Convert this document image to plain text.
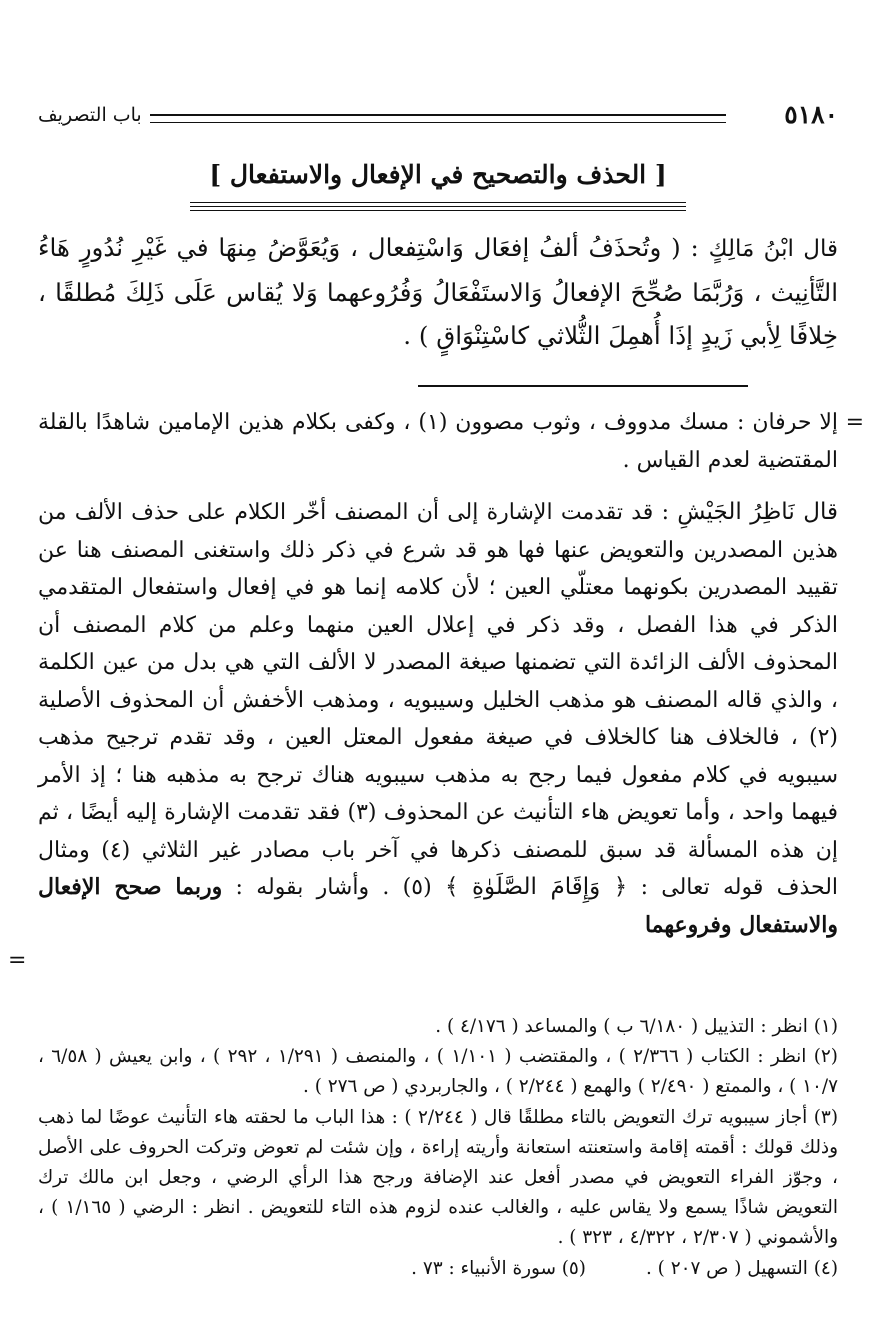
٥١٨٠
باب التصريف
[ الحذف والتصحيح في الإفعال والاستفعال ]
قال ابْنُ مَالِكٍ : ( وتُحذَفُ ألفُ إفعَال وَاسْتِفعال ، وَيُعَوَّضُ مِنهَا في غَيْرِ نُدُورٍ هَاءُ التَّأنِيث ، وَرُبَّمَا صُحِّحَ الإفعالُ وَالاستَفْعَالُ وَفُرُوعهما وَلا يُقاس عَلَى ذَلِكَ مُطلقًا ، خِلافًا لِأبي زَيدٍ إذَا أُهمِلَ الثُّلاثي كاسْتِنْوَاقٍ ) .
=

إلا حرفان : مسك مدووف ، وثوب مصوون (١) ، وكفى بكلام هذين الإمامين شاهدًا بالقلة المقتضية لعدم القياس .

قال نَاظِرُ الجَيْشِ : قد تقدمت الإشارة إلى أن المصنف أخّر الكلام على حذف الألف من هذين المصدرين والتعويض عنها فها هو قد شرع في ذكر ذلك واستغنى المصنف هنا عن تقييد المصدرين بكونهما معتلّي العين ؛ لأن كلامه إنما هو في إفعال واستفعال المتقدمي الذكر في هذا الفصل ، وقد ذكر في إعلال العين منهما وعلم من كلام المصنف أن المحذوف الألف الزائدة التي تضمنها صيغة المصدر لا الألف التي هي بدل من عين الكلمة ، والذي قاله المصنف هو مذهب الخليل وسيبويه ، ومذهب الأخفش أن المحذوف الأصلية (٢) ، فالخلاف هنا كالخلاف في صيغة مفعول المعتل العين ، وقد تقدم ترجيح مذهب سيبويه في كلام مفعول فيما رجح به مذهب سيبويه هناك ترجح به مذهبه هنا ؛ إذ الأمر فيهما واحد ، وأما تعويض هاء التأنيث عن المحذوف (٣) فقد تقدمت الإشارة إليه أيضًا ، ثم إن هذه المسألة قد سبق للمصنف ذكرها في آخر باب مصادر غير الثلاثي (٤) ومثال الحذف قوله تعالى : ﴿ وَإِقَامَ الصَّلَوٰةِ ﴾ (٥) . وأشار بقوله : وربما صحح الإفعال والاستفعال وفروعهما

=

(١) انظر : التذييل ( ٦/١٨٠ ب ) والمساعد ( ٤/١٧٦ ) .

(٢) انظر : الكتاب ( ٢/٣٦٦ ) ، والمقتضب ( ١/١٠١ ) ، والمنصف ( ١/٢٩١ ، ٢٩٢ ) ، وابن يعيش ( ٦/٥٨ ، ١٠/٧ ) ، والممتع ( ٢/٤٩٠ ) والهمع ( ٢/٢٤٤ ) ، والجاربردي ( ص ٢٧٦ ) .

(٣) أجاز سيبويه ترك التعويض بالتاء مطلقًا قال ( ٢/٢٤٤ ) : هذا الباب ما لحقته هاء التأنيث عوضًا لما ذهب وذلك قولك : أقمته إقامة واستعنته استعانة وأريته إراءة ، وإن شئت لم تعوض وتركت الحروف على الأصل ، وجوّز الفراء التعويض في مصدر أفعل عند الإضافة ورجح هذا الرأي الرضي ، وجعل ابن مالك ترك التعويض شاذًا يسمع ولا يقاس عليه ، والغالب عنده لزوم هذه التاء للتعويض . انظر : الرضي ( ١/١٦٥ ) ، والأشموني ( ٢/٣٠٧ ، ٤/٣٢٢ ، ٣٢٣ ) .

(٤) التسهيل ( ص ٢٠٧ ) .
(٥) سورة الأنبياء : ٧٣ .
